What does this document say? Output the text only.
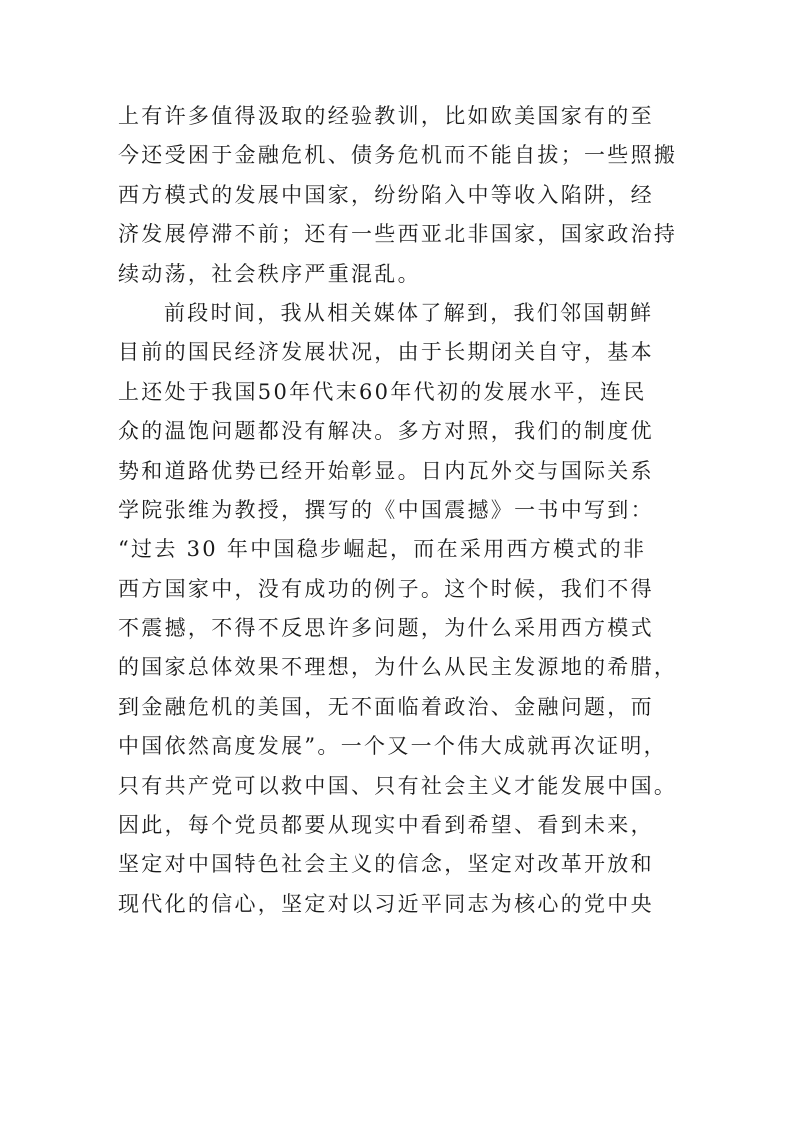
上有许多值得汲取的经验教训，比如欧美国家有的至
今还受困于金融危机、债务危机而不能自拔；一些照搬
西方模式的发展中国家，纷纷陷入中等收入陷阱，经
济发展停滞不前；还有一些西亚北非国家，国家政治持
续动荡，社会秩序严重混乱。
前段时间，我从相关媒体了解到，我们邻国朝鲜
目前的国民经济发展状况，由于长期闭关自守，基本
上还处于我国50年代末60年代初的发展水平，连民
众的温饱问题都没有解决。多方对照，我们的制度优
势和道路优势已经开始彰显。日内瓦外交与国际关系
学院张维为教授，撰写的《中国震撼》一书中写到：
“过去 30 年中国稳步崛起，而在采用西方模式的非
西方国家中，没有成功的例子。这个时候，我们不得
不震撼，不得不反思许多问题，为什么采用西方模式
的国家总体效果不理想，为什么从民主发源地的希腊，
到金融危机的美国，无不面临着政治、金融问题，而
中国依然高度发展”。一个又一个伟大成就再次证明，
只有共产党可以救中国、只有社会主义才能发展中国。
因此，每个党员都要从现实中看到希望、看到未来，
坚定对中国特色社会主义的信念，坚定对改革开放和
现代化的信心，坚定对以习近平同志为核心的党中央
